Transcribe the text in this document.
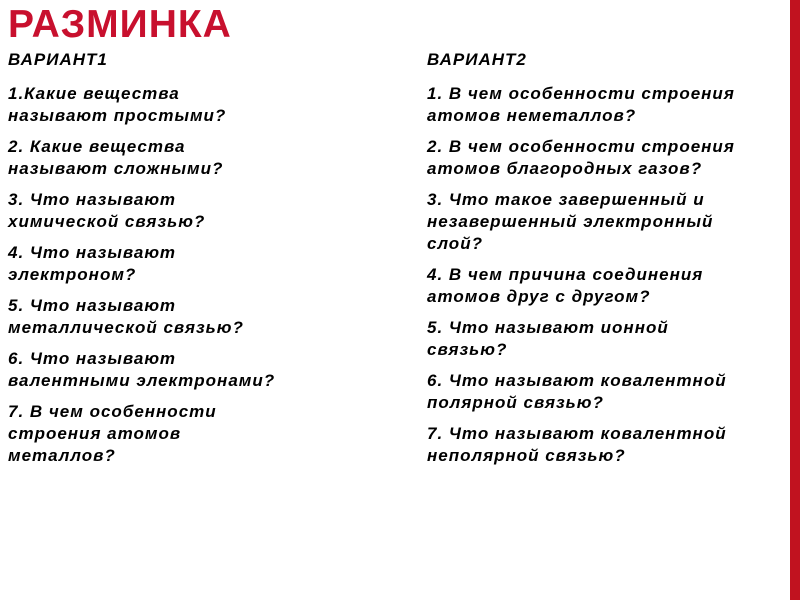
РАЗМИНКА
ВАРИАНТ1
1.Какие вещества
называют простыми?
2. Какие вещества
называют сложными?
3. Что называют
химической связью?
4. Что называют
электроном?
5. Что называют
металлической связью?
6. Что называют
валентными электронами?
7. В чем особенности
строения атомов
металлов?
ВАРИАНТ2
1. В чем особенности строения
атомов неметаллов?
2. В чем особенности строения
атомов благородных газов?
3. Что такое завершенный и
незавершенный электронный
слой?
4. В чем причина соединения
атомов друг с другом?
5. Что называют ионной
связью?
6. Что называют ковалентной
полярной связью?
7. Что называют ковалентной
неполярной связью?
